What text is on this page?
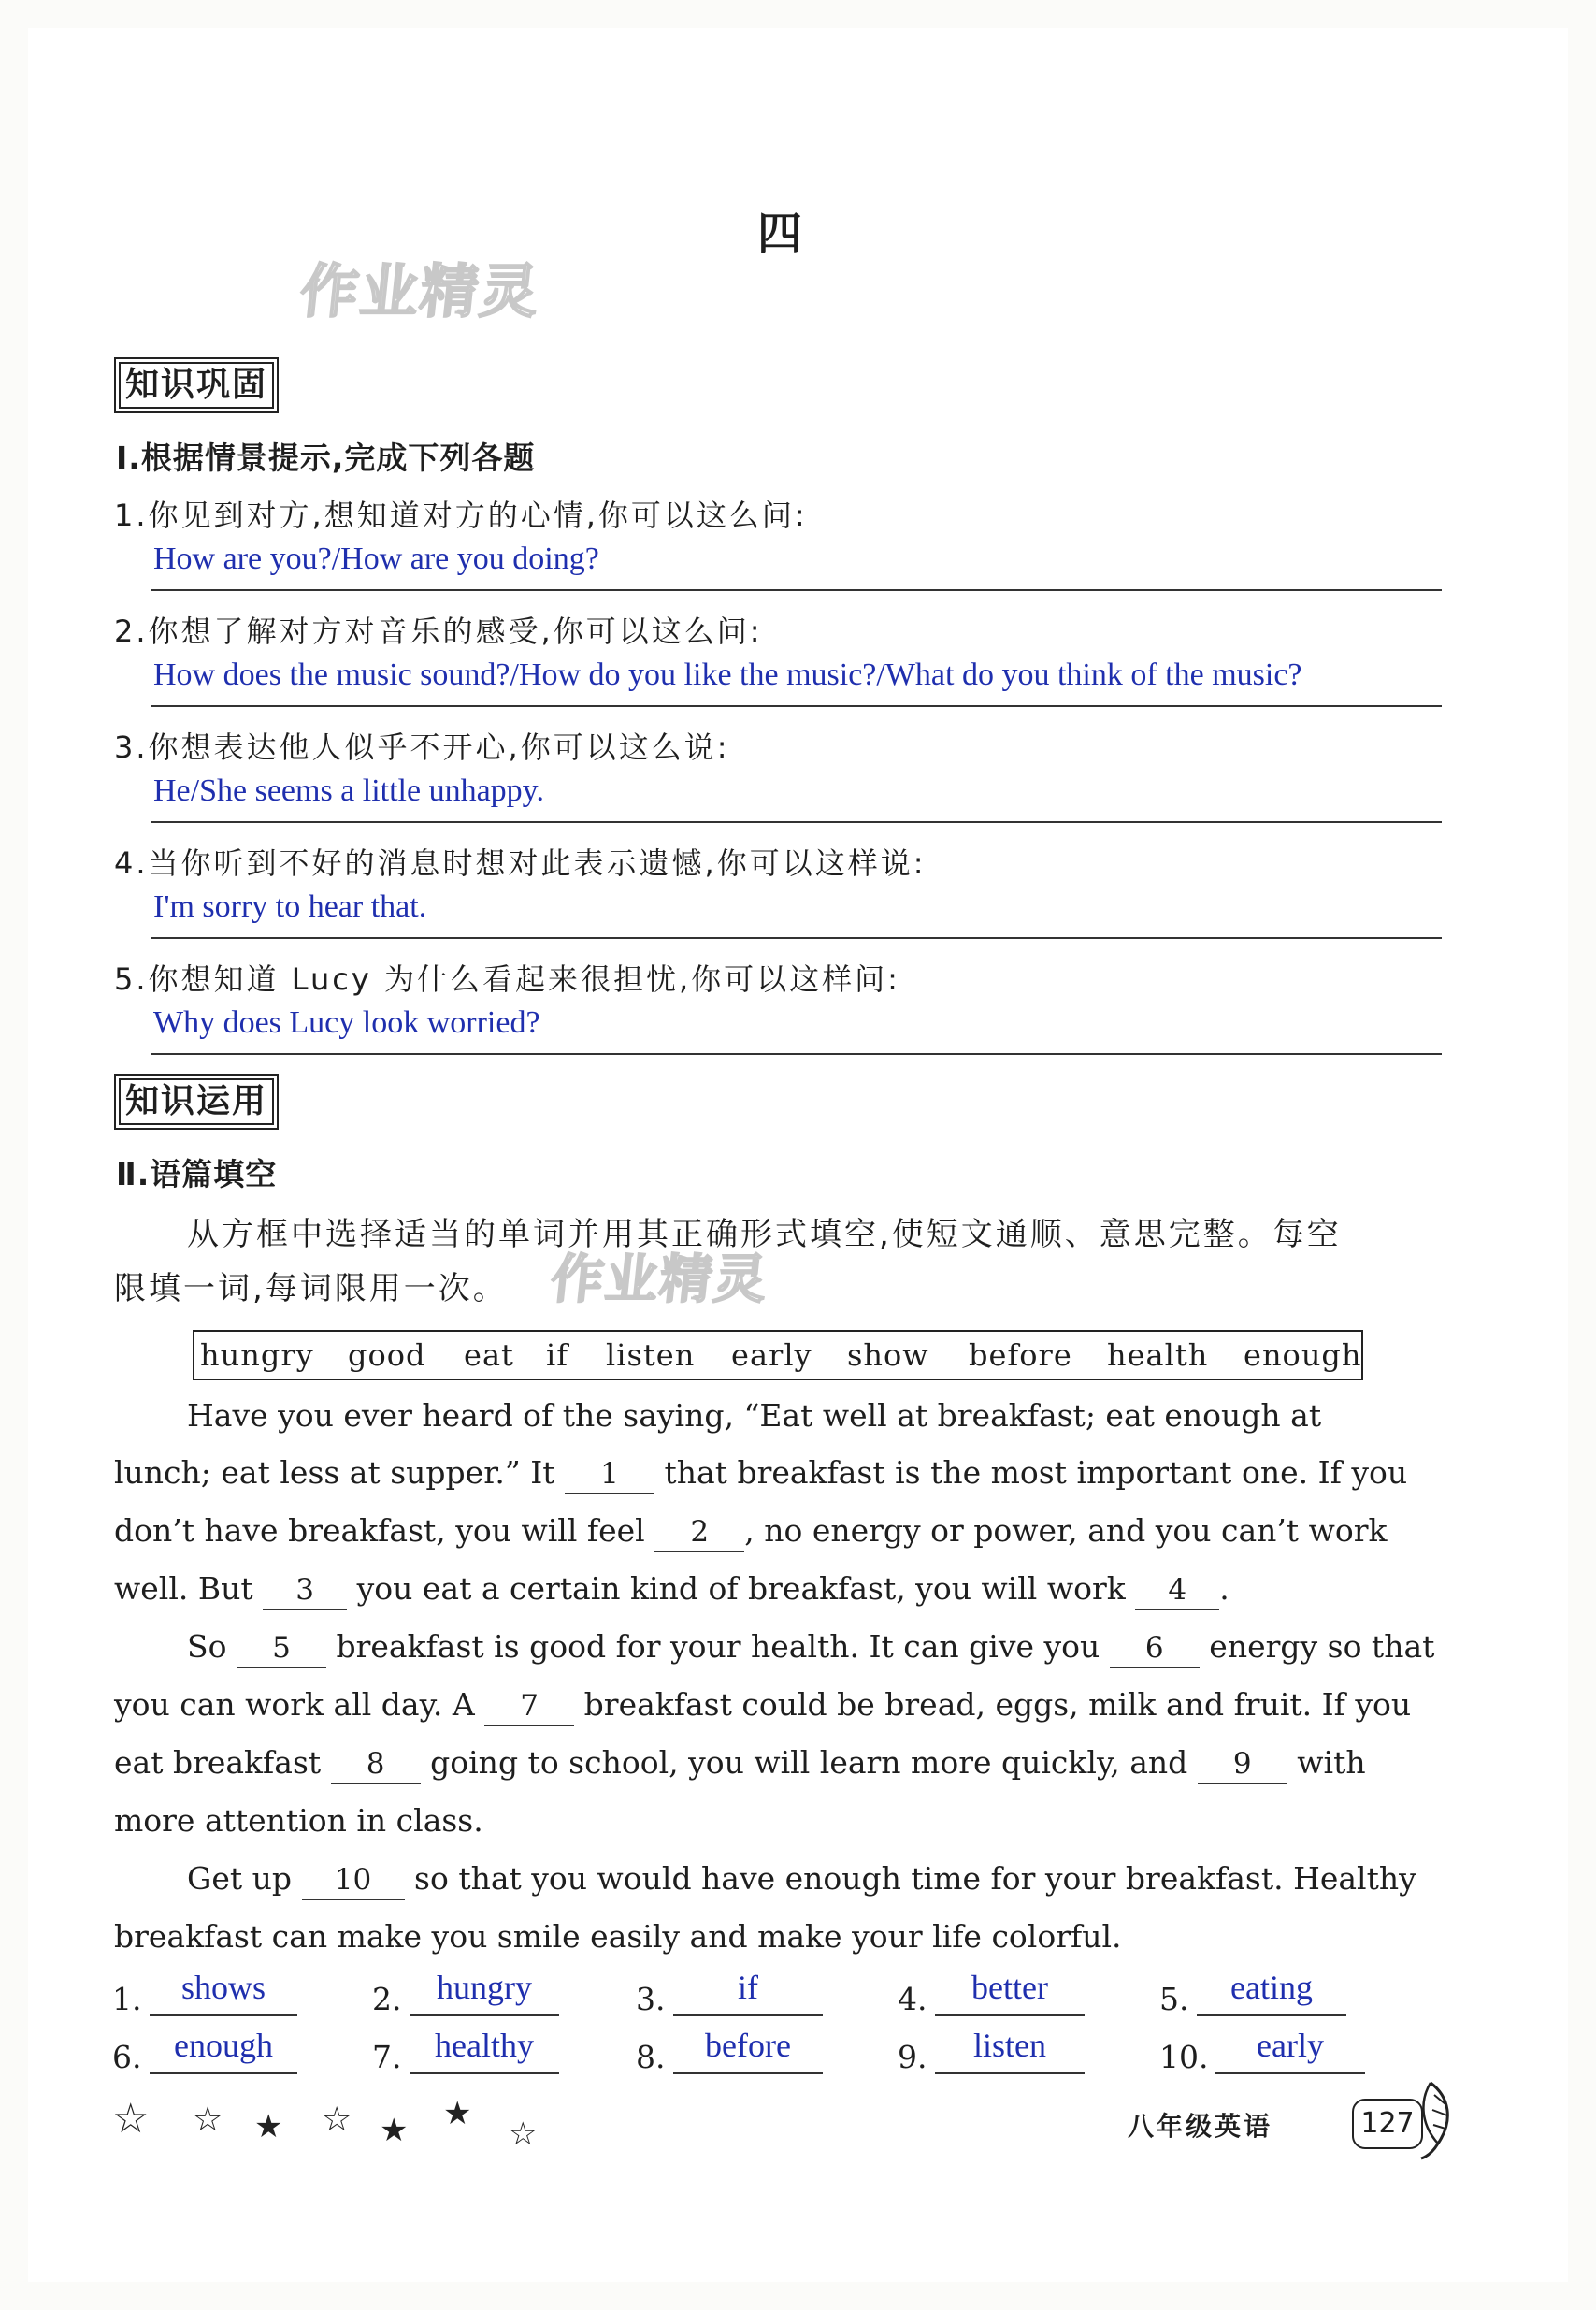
四
作业精灵
知识巩固
Ⅰ.根据情景提示,完成下列各题
1.你见到对方,想知道对方的心情,你可以这么问:
How are you?/How are you doing?
2.你想了解对方对音乐的感受,你可以这么问:
How does the music sound?/How do you like the music?/What do you think of the music?
3.你想表达他人似乎不开心,你可以这么说:
He/She seems a little unhappy.
4.当你听到不好的消息时想对此表示遗憾,你可以这样说:
I'm sorry to hear that.
5.你想知道 Lucy 为什么看起来很担忧,你可以这样问:
Why does Lucy look worried?
知识运用
Ⅱ.语篇填空
从方框中选择适当的单词并用其正确形式填空,使短文通顺、意思完整。每空
限填一词,每词限用一次。 作业精灵
hungry good eat if listen early show before health enough
Have you ever heard of the saying, “Eat well at breakfast; eat enough at
lunch; eat less at supper.” It 1 that breakfast is the most important one. If you
don’t have breakfast, you will feel 2 , no energy or power, and you can’t work
well. But 3 you eat a certain kind of breakfast, you will work 4 .
So 5 breakfast is good for your health. It can give you 6 energy so that
you can work all day. A 7 breakfast could be bread, eggs, milk and fruit. If you
eat breakfast 8 going to school, you will learn more quickly, and 9 with
more attention in class.
Get up 10 so that you would have enough time for your breakfast. Healthy
breakfast can make you smile easily and make your life colorful.
1.	shows	2.	hungry	3.	if	4.	better	5.	eating
6. enough	7. healthy	8.	before	9.	listen	10.	early
☆ ☆ ★ ☆ ★ ★
☆	八年级英语	127
